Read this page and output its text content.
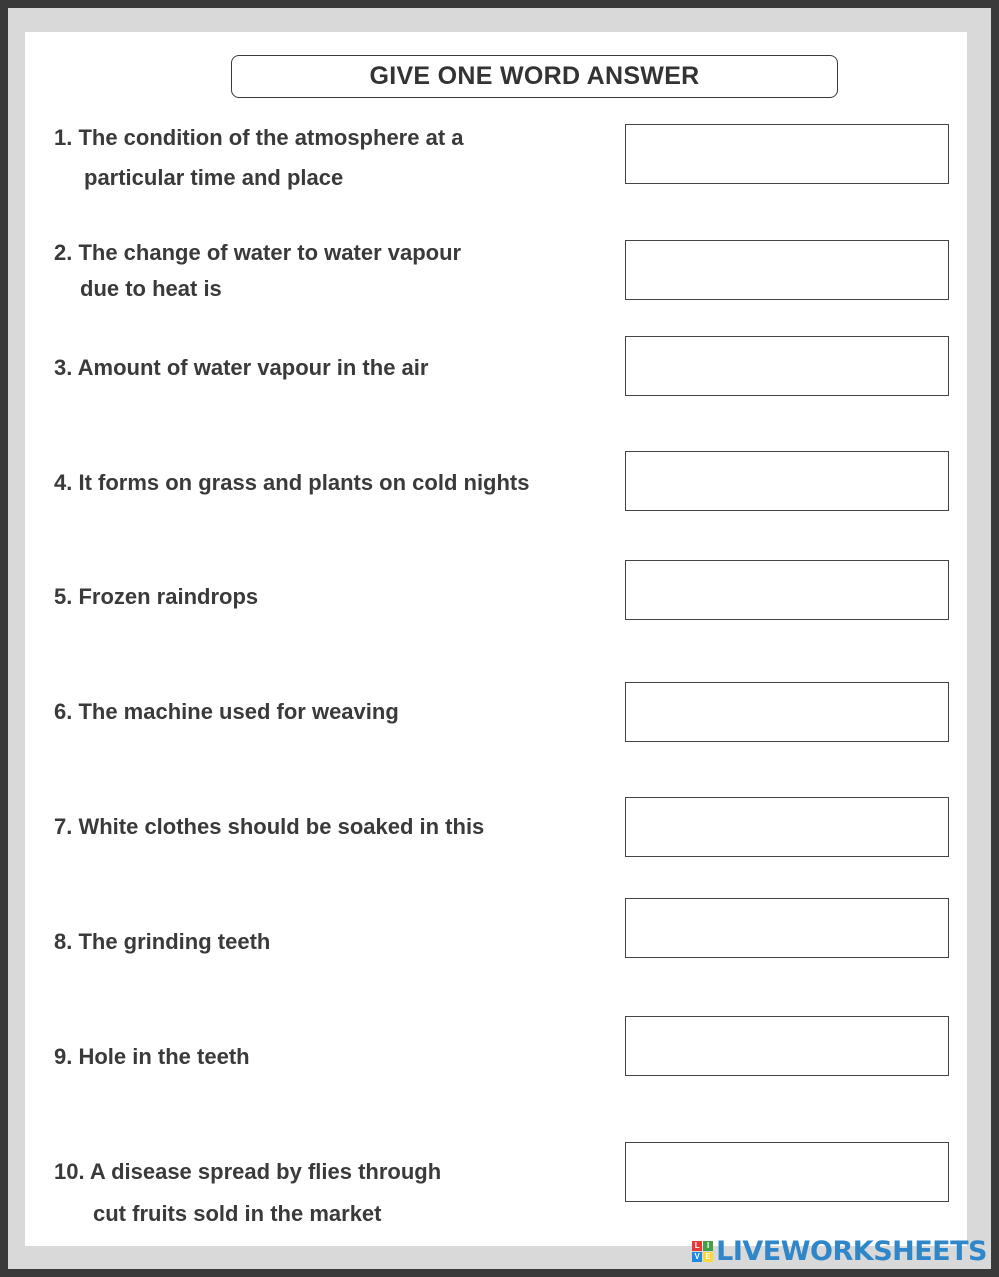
GIVE ONE WORD ANSWER
1. The condition of the atmosphere at a
particular time and place
2. The change of water to water vapour
due to heat is
3. Amount of water vapour in the air
4. It forms on grass and plants on cold nights
5. Frozen raindrops
6. The machine used for weaving
7. White clothes should be soaked in this
8. The grinding teeth
9. Hole in the teeth
10. A disease spread by flies through
cut fruits sold in the market
L I
V E LIVEWORKSHEETS
